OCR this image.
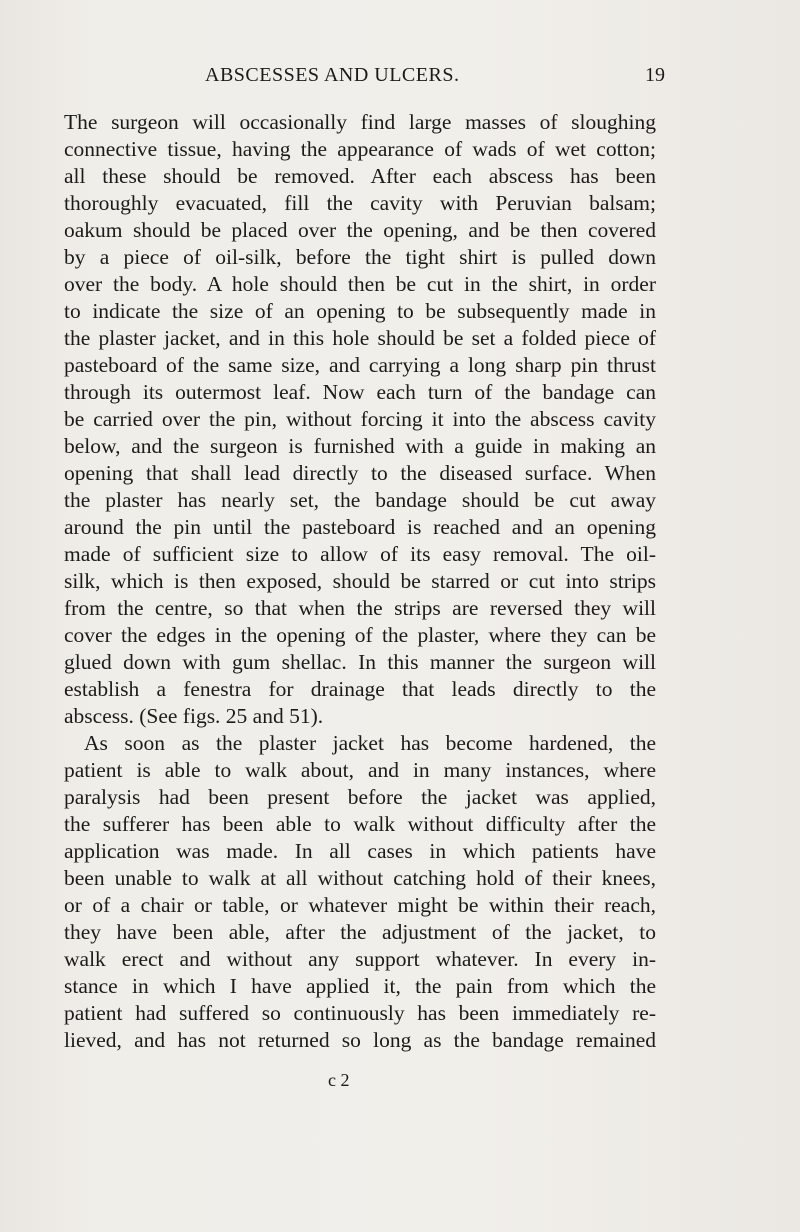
ABSCESSES AND ULCERS.	19
The surgeon will occasionally find large masses of sloughing
connective tissue, having the appearance of wads of wet cotton;
all these should be removed. After each abscess has been
thoroughly evacuated, fill the cavity with Peruvian balsam;
oakum should be placed over the opening, and be then covered
by a piece of oil-silk, before the tight shirt is pulled down
over the body. A hole should then be cut in the shirt, in order
to indicate the size of an opening to be subsequently made in
the plaster jacket, and in this hole should be set a folded piece of
pasteboard of the same size, and carrying a long sharp pin thrust
through its outermost leaf. Now each turn of the bandage can
be carried over the pin, without forcing it into the abscess cavity
below, and the surgeon is furnished with a guide in making an
opening that shall lead directly to the diseased surface. When
the plaster has nearly set, the bandage should be cut away
around the pin until the pasteboard is reached and an opening
made of sufficient size to allow of its easy removal. The oil-
silk, which is then exposed, should be starred or cut into strips
from the centre, so that when the strips are reversed they will
cover the edges in the opening of the plaster, where they can be
glued down with gum shellac. In this manner the surgeon will
establish a fenestra for drainage that leads directly to the
abscess. (See figs. 25 and 51).
As soon as the plaster jacket has become hardened, the
patient is able to walk about, and in many instances, where
paralysis had been present before the jacket was applied,
the sufferer has been able to walk without difficulty after the
application was made. In all cases in which patients have
been unable to walk at all without catching hold of their knees,
or of a chair or table, or whatever might be within their reach,
they have been able, after the adjustment of the jacket, to
walk erect and without any support whatever. In every in-
stance in which I have applied it, the pain from which the
patient had suffered so continuously has been immediately re-
lieved, and has not returned so long as the bandage remained
c 2
